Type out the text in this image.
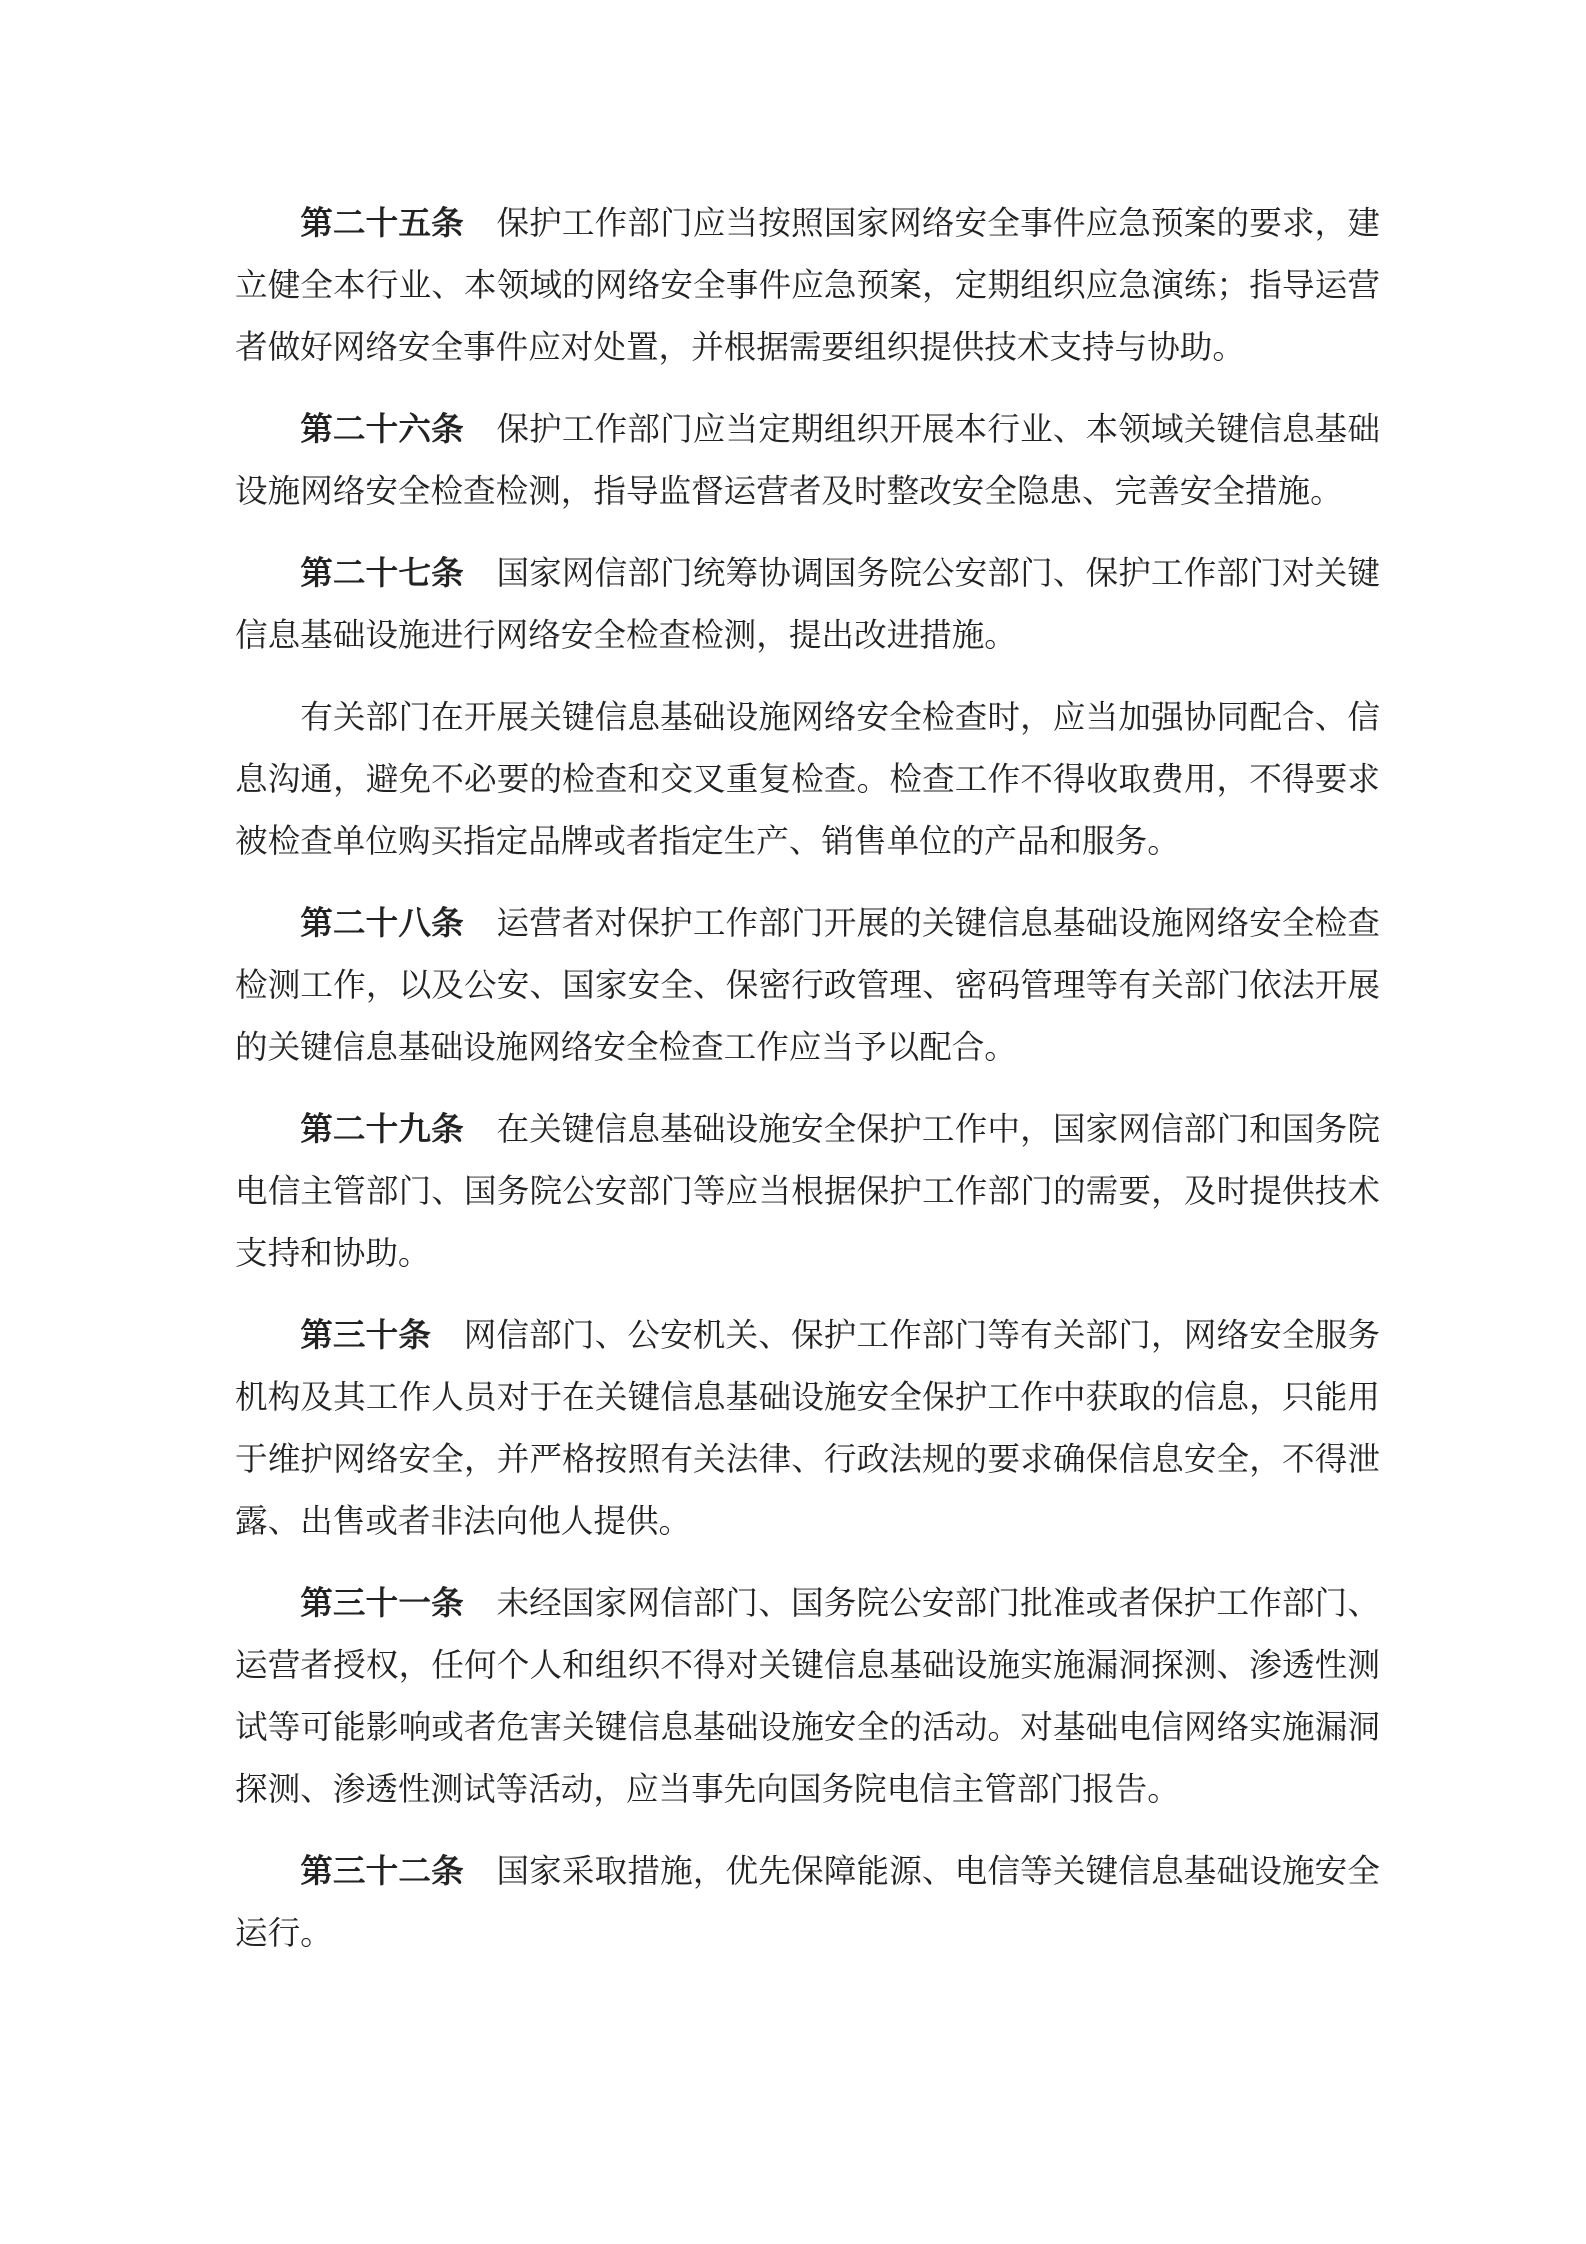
第二十五条 保护工作部门应当按照国家网络安全事件应急预案的要求，建立健全本行业、本领域的网络安全事件应急预案，定期组织应急演练；指导运营者做好网络安全事件应对处置，并根据需要组织提供技术支持与协助。

第二十六条 保护工作部门应当定期组织开展本行业、本领域关键信息基础设施网络安全检查检测，指导监督运营者及时整改安全隐患、完善安全措施。

第二十七条 国家网信部门统筹协调国务院公安部门、保护工作部门对关键信息基础设施进行网络安全检查检测，提出改进措施。

有关部门在开展关键信息基础设施网络安全检查时，应当加强协同配合、信息沟通，避免不必要的检查和交叉重复检查。检查工作不得收取费用，不得要求被检查单位购买指定品牌或者指定生产、销售单位的产品和服务。

第二十八条 运营者对保护工作部门开展的关键信息基础设施网络安全检查检测工作，以及公安、国家安全、保密行政管理、密码管理等有关部门依法开展的关键信息基础设施网络安全检查工作应当予以配合。

第二十九条 在关键信息基础设施安全保护工作中，国家网信部门和国务院电信主管部门、国务院公安部门等应当根据保护工作部门的需要，及时提供技术支持和协助。

第三十条 网信部门、公安机关、保护工作部门等有关部门，网络安全服务机构及其工作人员对于在关键信息基础设施安全保护工作中获取的信息，只能用于维护网络安全，并严格按照有关法律、行政法规的要求确保信息安全，不得泄露、出售或者非法向他人提供。

第三十一条 未经国家网信部门、国务院公安部门批准或者保护工作部门、运营者授权，任何个人和组织不得对关键信息基础设施实施漏洞探测、渗透性测试等可能影响或者危害关键信息基础设施安全的活动。对基础电信网络实施漏洞探测、渗透性测试等活动，应当事先向国务院电信主管部门报告。

第三十二条 国家采取措施，优先保障能源、电信等关键信息基础设施安全运行。
